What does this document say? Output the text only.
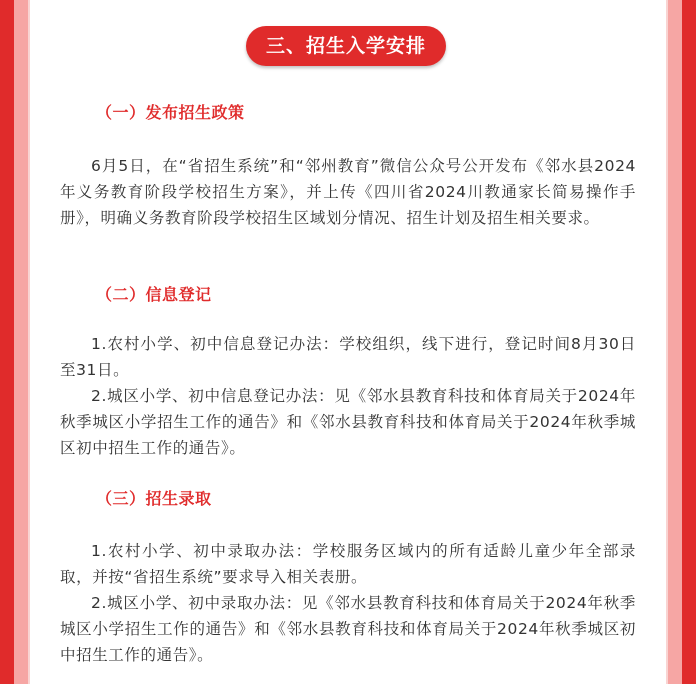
三、招生入学安排
（一）发布招生政策

6月5日，在“省招生系统”和“邻州教育”微信公众号公开发布《邻水县2024年义务教育阶段学校招生方案》，并上传《四川省2024川教通家长简易操作手册》，明确义务教育阶段学校招生区域划分情况、招生计划及招生相关要求。

（二）信息登记

1.农村小学、初中信息登记办法：学校组织，线下进行，登记时间8月30日至31日。

2.城区小学、初中信息登记办法：见《邻水县教育科技和体育局关于2024年秋季城区小学招生工作的通告》和《邻水县教育科技和体育局关于2024年秋季城区初中招生工作的通告》。

（三）招生录取

1.农村小学、初中录取办法：学校服务区域内的所有适龄儿童少年全部录取，并按“省招生系统”要求导入相关表册。

2.城区小学、初中录取办法：见《邻水县教育科技和体育局关于2024年秋季城区小学招生工作的通告》和《邻水县教育科技和体育局关于2024年秋季城区初中招生工作的通告》。
